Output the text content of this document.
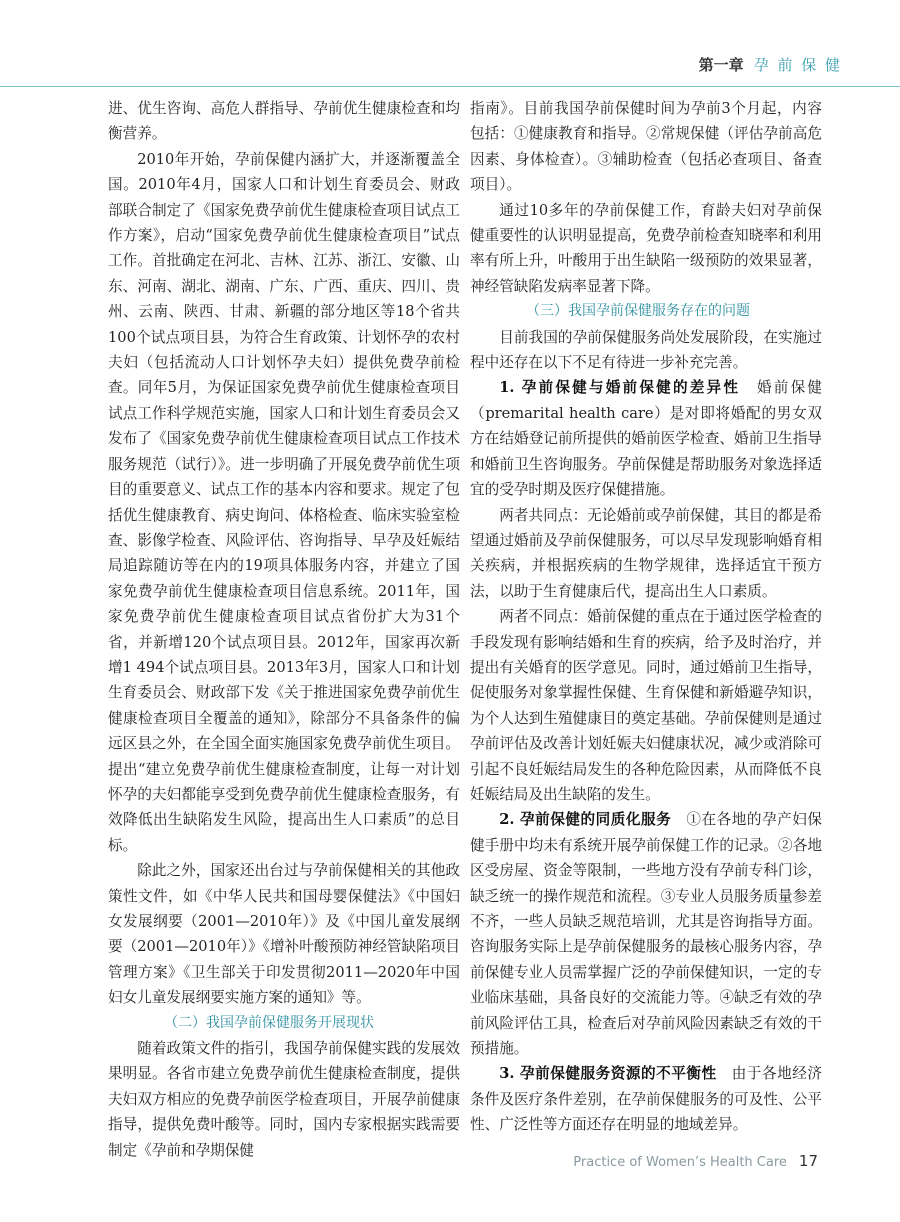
第一章 孕 前 保 健

进、优生咨询、高危人群指导、孕前优生健康检查和均衡营养。

2010年开始，孕前保健内涵扩大，并逐渐覆盖全国。2010年4月，国家人口和计划生育委员会、财政部联合制定了《国家免费孕前优生健康检查项目试点工作方案》，启动“国家免费孕前优生健康检查项目”试点工作。首批确定在河北、吉林、江苏、浙江、安徽、山东、河南、湖北、湖南、广东、广西、重庆、四川、贵州、云南、陕西、甘肃、新疆的部分地区等18个省共100个试点项目县，为符合生育政策、计划怀孕的农村夫妇（包括流动人口计划怀孕夫妇）提供免费孕前检查。同年5月，为保证国家免费孕前优生健康检查项目试点工作科学规范实施，国家人口和计划生育委员会又发布了《国家免费孕前优生健康检查项目试点工作技术服务规范（试行）》。进一步明确了开展免费孕前优生项目的重要意义、试点工作的基本内容和要求。规定了包括优生健康教育、病史询问、体格检查、临床实验室检查、影像学检查、风险评估、咨询指导、早孕及妊娠结局追踪随访等在内的19项具体服务内容，并建立了国家免费孕前优生健康检查项目信息系统。2011年，国家免费孕前优生健康检查项目试点省份扩大为31个省，并新增120个试点项目县。2012年，国家再次新增1 494个试点项目县。2013年3月，国家人口和计划生育委员会、财政部下发《关于推进国家免费孕前优生健康检查项目全覆盖的通知》，除部分不具备条件的偏远区县之外，在全国全面实施国家免费孕前优生项目。提出“建立免费孕前优生健康检查制度，让每一对计划怀孕的夫妇都能享受到免费孕前优生健康检查服务，有效降低出生缺陷发生风险，提高出生人口素质”的总目标。

除此之外，国家还出台过与孕前保健相关的其他政策性文件，如《中华人民共和国母婴保健法》《中国妇女发展纲要（2001—2010年）》及《中国儿童发展纲要（2001—2010年）》《增补叶酸预防神经管缺陷项目管理方案》《卫生部关于印发贯彻2011—2020年中国妇女儿童发展纲要实施方案的通知》等。

（二）我国孕前保健服务开展现状

随着政策文件的指引，我国孕前保健实践的发展效果明显。各省市建立免费孕前优生健康检查制度，提供夫妇双方相应的免费孕前医学检查项目，开展孕前健康指导，提供免费叶酸等。同时，国内专家根据实践需要制定《孕前和孕期保健

指南》。目前我国孕前保健时间为孕前3个月起，内容包括：①健康教育和指导。②常规保健（评估孕前高危因素、身体检查）。③辅助检查（包括必查项目、备查项目）。

通过10多年的孕前保健工作，育龄夫妇对孕前保健重要性的认识明显提高，免费孕前检查知晓率和利用率有所上升，叶酸用于出生缺陷一级预防的效果显著，神经管缺陷发病率显著下降。

（三）我国孕前保健服务存在的问题

目前我国的孕前保健服务尚处发展阶段，在实施过程中还存在以下不足有待进一步补充完善。

1. 孕前保健与婚前保健的差异性　婚前保健（premarital health care）是对即将婚配的男女双方在结婚登记前所提供的婚前医学检查、婚前卫生指导和婚前卫生咨询服务。孕前保健是帮助服务对象选择适宜的受孕时期及医疗保健措施。

两者共同点：无论婚前或孕前保健，其目的都是希望通过婚前及孕前保健服务，可以尽早发现影响婚育相关疾病，并根据疾病的生物学规律，选择适宜干预方法，以助于生育健康后代，提高出生人口素质。

两者不同点：婚前保健的重点在于通过医学检查的手段发现有影响结婚和生育的疾病，给予及时治疗，并提出有关婚育的医学意见。同时，通过婚前卫生指导，促使服务对象掌握性保健、生育保健和新婚避孕知识，为个人达到生殖健康目的奠定基础。孕前保健则是通过孕前评估及改善计划妊娠夫妇健康状况，减少或消除可引起不良妊娠结局发生的各种危险因素，从而降低不良妊娠结局及出生缺陷的发生。

2. 孕前保健的同质化服务　①在各地的孕产妇保健手册中均未有系统开展孕前保健工作的记录。②各地区受房屋、资金等限制，一些地方没有孕前专科门诊，缺乏统一的操作规范和流程。③专业人员服务质量参差不齐，一些人员缺乏规范培训，尤其是咨询指导方面。咨询服务实际上是孕前保健服务的最核心服务内容，孕前保健专业人员需掌握广泛的孕前保健知识，一定的专业临床基础，具备良好的交流能力等。④缺乏有效的孕前风险评估工具，检查后对孕前风险因素缺乏有效的干预措施。

3. 孕前保健服务资源的不平衡性　由于各地经济条件及医疗条件差别，在孕前保健服务的可及性、公平性、广泛性等方面还存在明显的地域差异。

Practice of Women’s Health Care 17
